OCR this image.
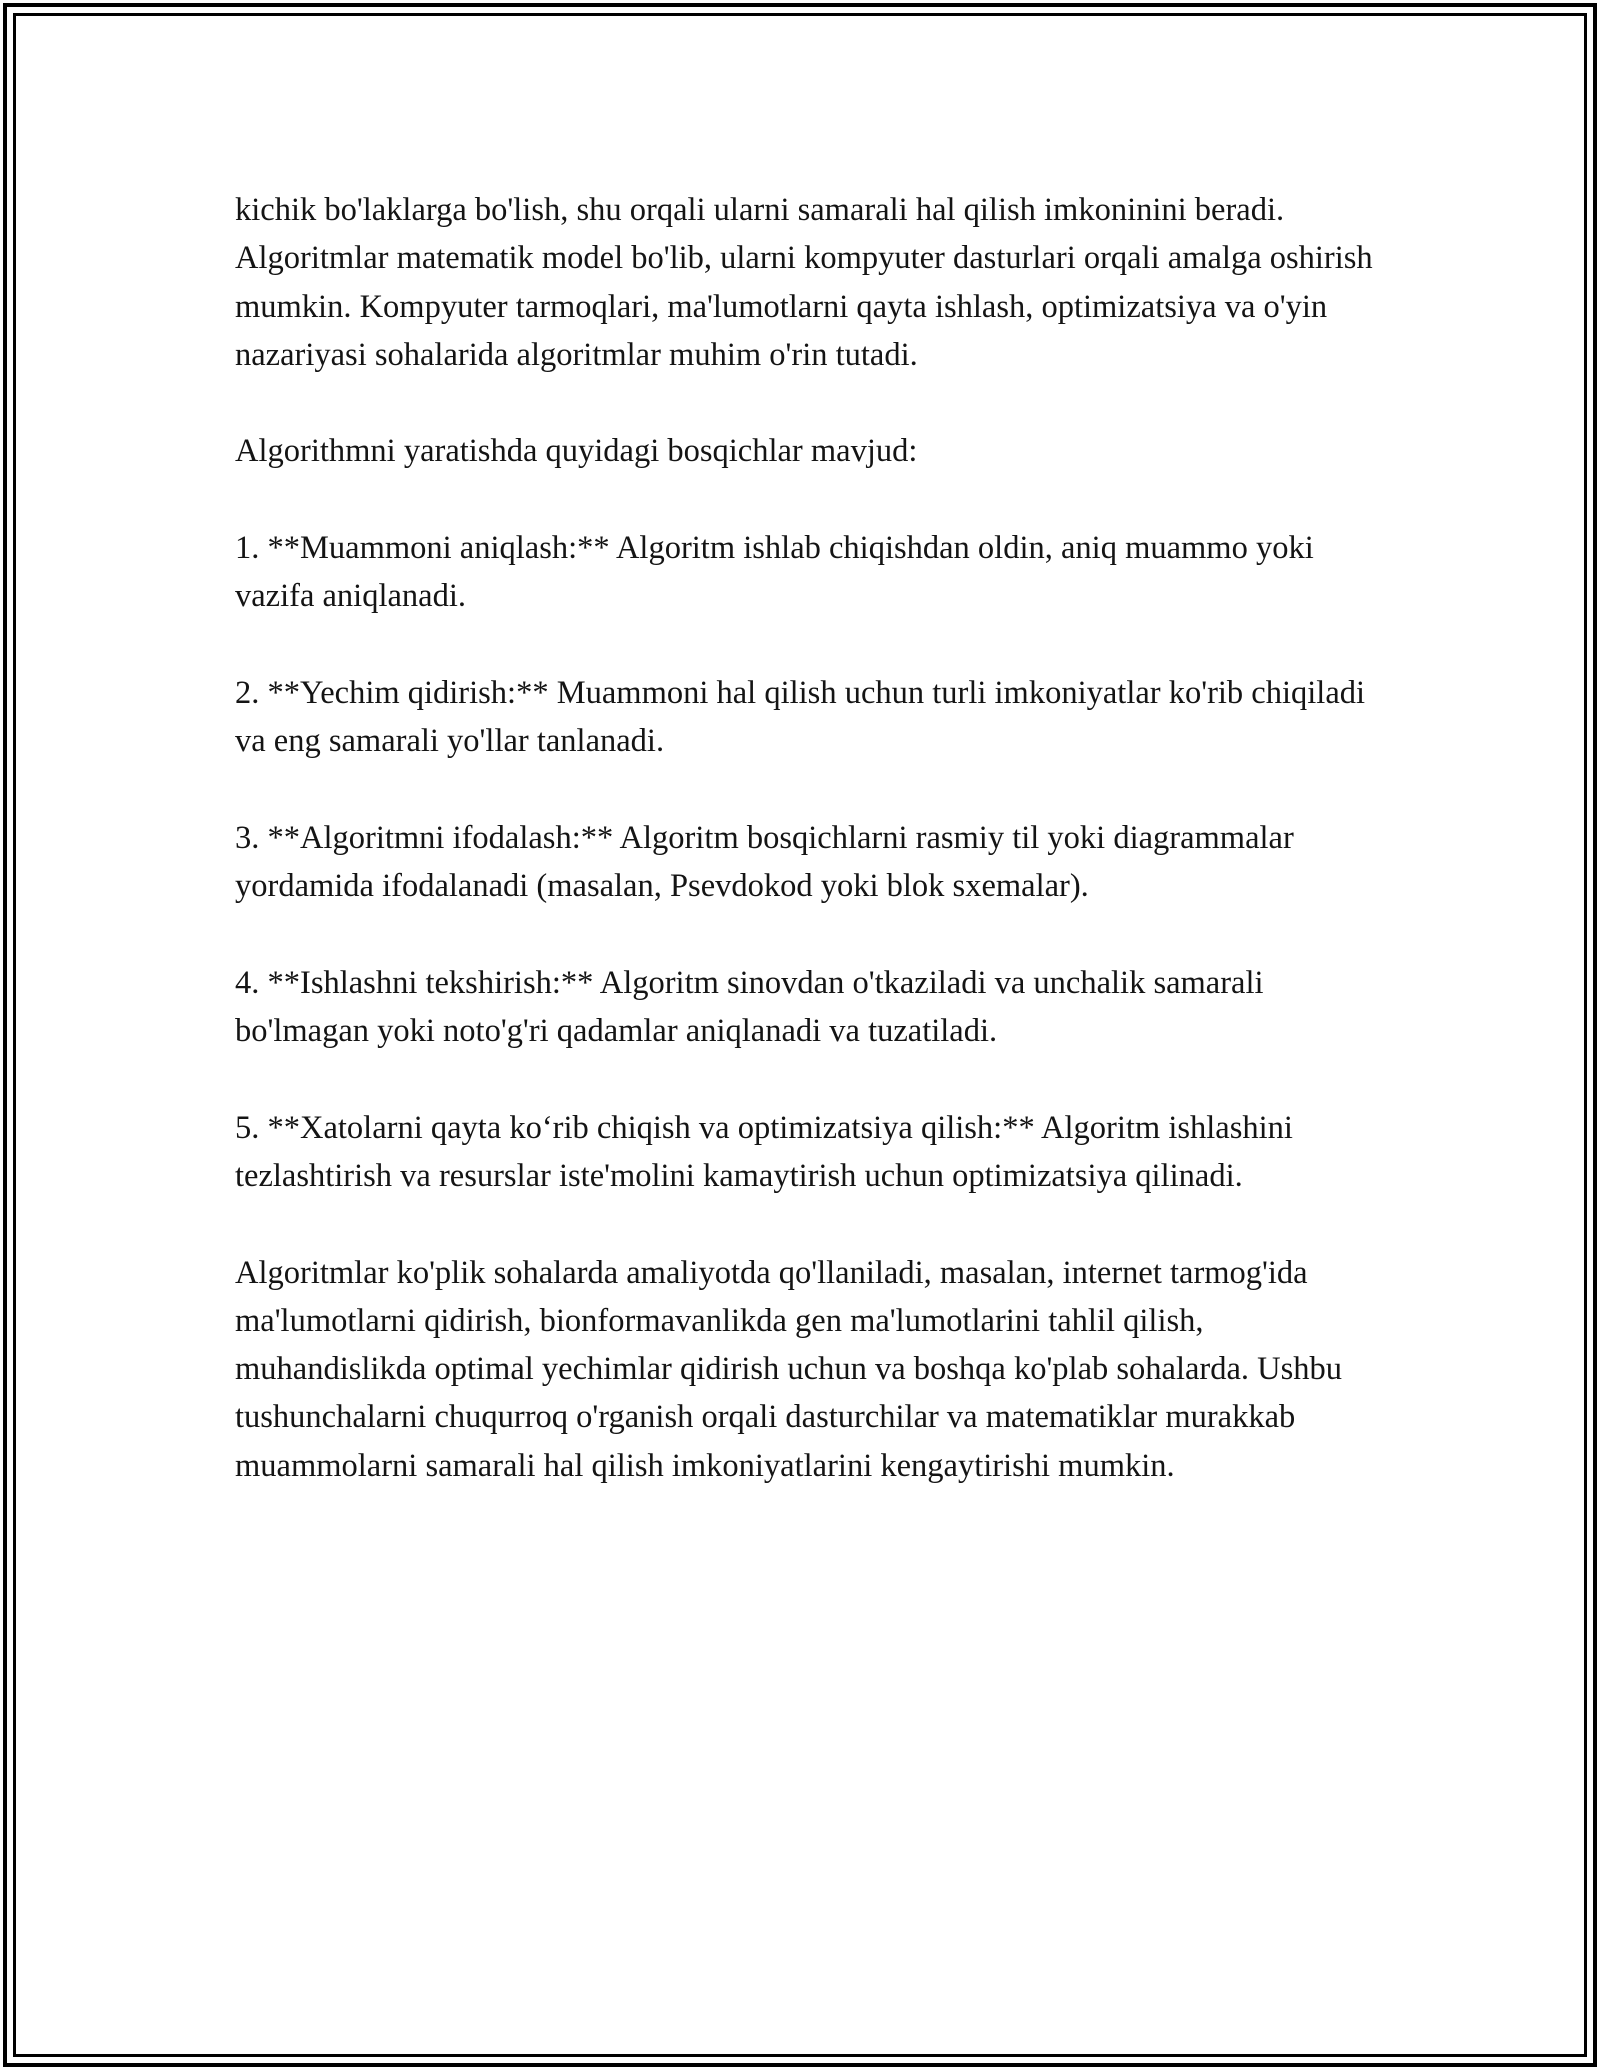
kichik bo'laklarga bo'lish, shu orqali ularni samarali hal qilish imkoninini beradi. Algoritmlar matematik model bo'lib, ularni kompyuter dasturlari orqali amalga oshirish mumkin. Kompyuter tarmoqlari, ma'lumotlarni qayta ishlash, optimizatsiya va o'yin nazariyasi sohalarida algoritmlar muhim o'rin tutadi.

Algorithmni yaratishda quyidagi bosqichlar mavjud:

1. **Muammoni aniqlash:** Algoritm ishlab chiqishdan oldin, aniq muammo yoki vazifa aniqlanadi.

2. **Yechim qidirish:** Muammoni hal qilish uchun turli imkoniyatlar ko'rib chiqiladi va eng samarali yo'llar tanlanadi.

3. **Algoritmni ifodalash:** Algoritm bosqichlarni rasmiy til yoki diagrammalar yordamida ifodalanadi (masalan, Psevdokod yoki blok sxemalar).

4. **Ishlashni tekshirish:** Algoritm sinovdan o'tkaziladi va unchalik samarali bo'lmagan yoki noto'g'ri qadamlar aniqlanadi va tuzatiladi.

5. **Xatolarni qayta ko‘rib chiqish va optimizatsiya qilish:** Algoritm ishlashini tezlashtirish va resurslar iste'molini kamaytirish uchun optimizatsiya qilinadi.

Algoritmlar ko'plik sohalarda amaliyotda qo'llaniladi, masalan, internet tarmog'ida ma'lumotlarni qidirish, bionformavanlikda gen ma'lumotlarini tahlil qilish, muhandislikda optimal yechimlar qidirish uchun va boshqa ko'plab sohalarda. Ushbu tushunchalarni chuqurroq o'rganish orqali dasturchilar va matematiklar murakkab muammolarni samarali hal qilish imkoniyatlarini kengaytirishi mumkin.
